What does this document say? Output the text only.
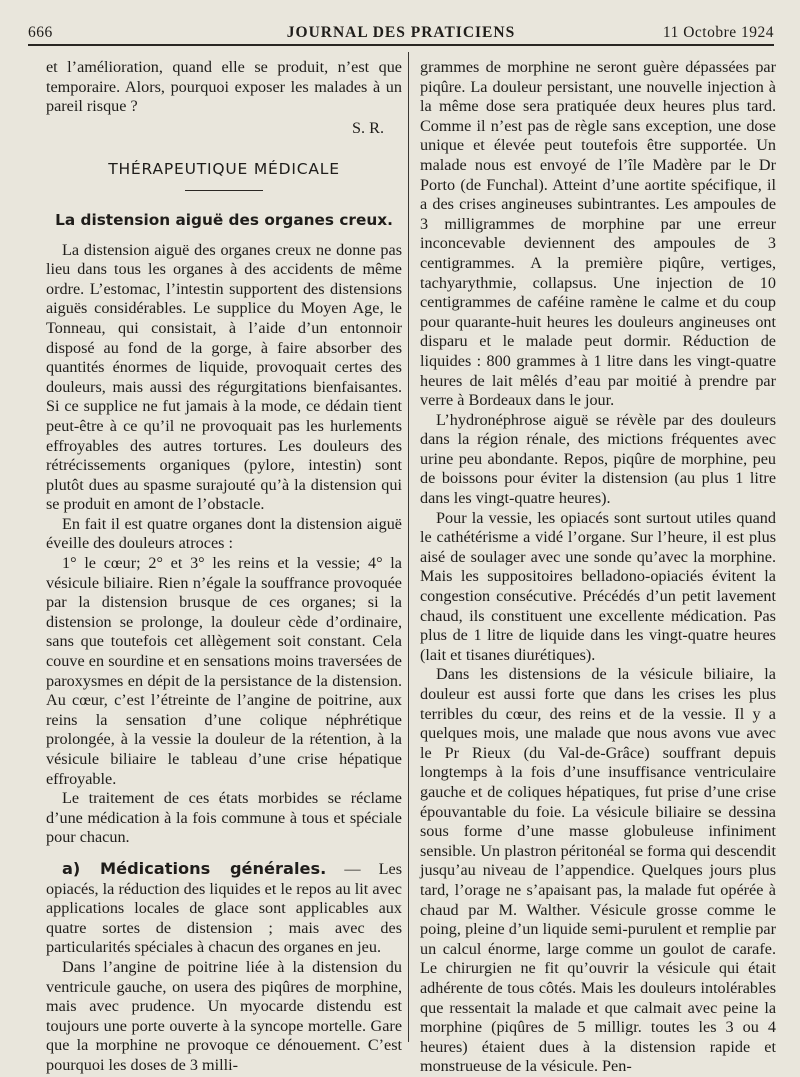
666	JOURNAL DES PRATICIENS	11 Octobre 1924

et l’amélioration, quand elle se produit, n’est que temporaire. Alors, pourquoi exposer les malades à un pareil risque ?

S. R.
THÉRAPEUTIQUE MÉDICALE
La distension aiguë des organes creux.

La distension aiguë des organes creux ne donne pas lieu dans tous les organes à des accidents de même ordre. L’estomac, l’intestin supportent des distensions aiguës considérables. Le supplice du Moyen Age, le Tonneau, qui consistait, à l’aide d’un entonnoir disposé au fond de la gorge, à faire absorber des quantités énormes de liquide, provoquait certes des douleurs, mais aussi des régurgitations bienfaisantes. Si ce supplice ne fut jamais à la mode, ce dédain tient peut-être à ce qu’il ne provoquait pas les hurlements effroyables des autres tortures. Les douleurs des rétrécissements organiques (pylore, intestin) sont plutôt dues au spasme surajouté qu’à la distension qui se produit en amont de l’obstacle.

En fait il est quatre organes dont la distension aiguë éveille des douleurs atroces :

1° le cœur; 2° et 3° les reins et la vessie; 4° la vésicule biliaire. Rien n’égale la souffrance provoquée par la distension brusque de ces organes; si la distension se prolonge, la douleur cède d’ordinaire, sans que toutefois cet allègement soit constant. Cela couve en sourdine et en sensations moins traversées de paroxysmes en dépit de la persistance de la distension. Au cœur, c’est l’étreinte de l’angine de poitrine, aux reins la sensation d’une colique néphrétique prolongée, à la vessie la douleur de la rétention, à la vésicule biliaire le tableau d’une crise hépatique effroyable.

Le traitement de ces états morbides se réclame d’une médication à la fois commune à tous et spéciale pour chacun.

a) Médications générales. — Les opiacés, la réduction des liquides et le repos au lit avec applications locales de glace sont applicables aux quatre sortes de distension ; mais avec des particularités spéciales à chacun des organes en jeu.

Dans l’angine de poitrine liée à la distension du ventricule gauche, on usera des piqûres de morphine, mais avec prudence. Un myocarde distendu est toujours une porte ouverte à la syncope mortelle. Gare que la morphine ne provoque ce dénouement. C’est pourquoi les doses de 3 milli-

grammes de morphine ne seront guère dépassées par piqûre. La douleur persistant, une nouvelle injection à la même dose sera pratiquée deux heures plus tard. Comme il n’est pas de règle sans exception, une dose unique et élevée peut toutefois être supportée. Un malade nous est envoyé de l’île Madère par le Dr Porto (de Funchal). Atteint d’une aortite spécifique, il a des crises angineuses subintrantes. Les ampoules de 3 milligrammes de morphine par une erreur inconcevable deviennent des ampoules de 3 centigrammes. A la première piqûre, vertiges, tachyarythmie, collapsus. Une injection de 10 centigrammes de caféine ramène le calme et du coup pour quarante-huit heures les douleurs angineuses ont disparu et le malade peut dormir. Réduction de liquides : 800 grammes à 1 litre dans les vingt-quatre heures de lait mêlés d’eau par moitié à prendre par verre à Bordeaux dans le jour.

L’hydronéphrose aiguë se révèle par des douleurs dans la région rénale, des mictions fréquentes avec urine peu abondante. Repos, piqûre de morphine, peu de boissons pour éviter la distension (au plus 1 litre dans les vingt-quatre heures).

Pour la vessie, les opiacés sont surtout utiles quand le cathétérisme a vidé l’organe. Sur l’heure, il est plus aisé de soulager avec une sonde qu’avec la morphine. Mais les suppositoires belladono-opiaciés évitent la congestion consécutive. Précédés d’un petit lavement chaud, ils constituent une excellente médication. Pas plus de 1 litre de liquide dans les vingt-quatre heures (lait et tisanes diurétiques).

Dans les distensions de la vésicule biliaire, la douleur est aussi forte que dans les crises les plus terribles du cœur, des reins et de la vessie. Il y a quelques mois, une malade que nous avons vue avec le Pr Rieux (du Val-de-Grâce) souffrant depuis longtemps à la fois d’une insuffisance ventriculaire gauche et de coliques hépatiques, fut prise d’une crise épouvantable du foie. La vésicule biliaire se dessina sous forme d’une masse globuleuse infiniment sensible. Un plastron péritonéal se forma qui descendit jusqu’au niveau de l’appendice. Quelques jours plus tard, l’orage ne s’apaisant pas, la malade fut opérée à chaud par M. Walther. Vésicule grosse comme le poing, pleine d’un liquide semi-purulent et remplie par un calcul énorme, large comme un goulot de carafe. Le chirurgien ne fit qu’ouvrir la vésicule qui était adhérente de tous côtés. Mais les douleurs intolérables que ressentait la malade et que calmait avec peine la morphine (piqûres de 5 milligr. toutes les 3 ou 4 heures) étaient dues à la distension rapide et monstrueuse de la vésicule. Pen-
